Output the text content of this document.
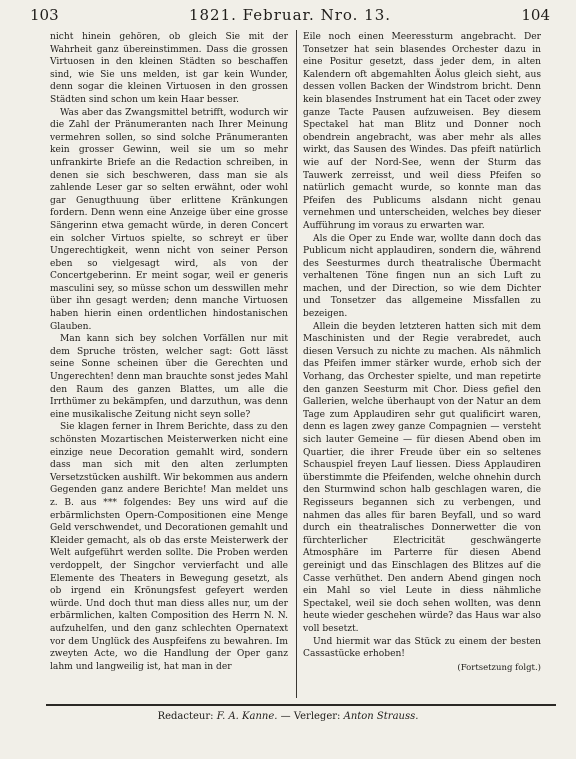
103	1821. Februar. Nro. 13.	104

nicht hinein gehören, ob gleich Sie mit der Wahrheit ganz übereinstimmen. Dass die grossen Virtuosen in den kleinen Städten so beschaffen sind, wie Sie uns melden, ist gar kein Wunder, denn sogar die kleinen Virtuosen in den grossen Städten sind schon um kein Haar besser.

Was aber das Zwangsmittel betrifft, wodurch wir die Zahl der Pränumeranten nach Ihrer Meinung vermehren sollen, so sind solche Pränumeranten kein grosser Gewinn, weil sie um so mehr unfrankirte Briefe an die Redaction schreiben, in denen sie sich beschweren, dass man sie als zahlende Leser gar so selten erwähnt, oder wohl gar Genugthuung über erlittene Kränkungen fordern. Denn wenn eine Anzeige über eine grosse Sängerinn etwa gemacht würde, in deren Concert ein solcher Virtuos spielte, so schreyt er über Ungerechtigkeit, wenn nicht von seiner Person eben so vielgesagt wird, als von der Concertgeberinn. Er meint sogar, weil er generis masculini sey, so müsse schon um desswillen mehr über ihn gesagt werden; denn manche Virtuosen haben hierin einen ordentlichen hindostanischen Glauben.

Man kann sich bey solchen Vorfällen nur mit dem Spruche trösten, welcher sagt: Gott lässt seine Sonne scheinen über die Gerechten und Ungerechten! denn man brauchte sonst jedes Mahl den Raum des ganzen Blattes, um alle die Irrthümer zu bekämpfen, und darzuthun, was denn eine musikalische Zeitung nicht seyn solle?

Sie klagen ferner in Ihrem Berichte, dass zu den schönsten Mozartischen Meisterwerken nicht eine einzige neue Decoration gemahlt wird, sondern dass man sich mit den alten zerlumpten Versetzstücken aushilft. Wir bekommen aus andern Gegenden ganz andere Berichte! Man meldet uns z. B. aus *** folgendes: Bey uns wird auf die erbärmlichsten Opern-Compositionen eine Menge Geld verschwendet, und Decorationen gemahlt und Kleider gemacht, als ob das erste Meisterwerk der Welt aufgeführt werden sollte. Die Proben werden verdoppelt, der Singchor vervierfacht und alle Elemente des Theaters in Bewegung gesetzt, als ob irgend ein Krönungsfest gefeyert werden würde. Und doch thut man diess alles nur, um der erbärmlichen, kalten Composition des Herrn N. N. aufzuhelfen, und den ganz schlechten Opernatext vor dem Unglück des Auspfeifens zu bewahren. Im zweyten Acte, wo die Handlung der Oper ganz lahm und langweilig ist, hat man in der

Eile noch einen Meeressturm angebracht. Der Tonsetzer hat sein blasendes Orchester dazu in eine Positur gesetzt, dass jeder dem, in alten Kalendern oft abgemahlten Äolus gleich sieht, aus dessen vollen Backen der Windstrom bricht. Denn kein blasendes Instrument hat ein Tacet oder zwey ganze Tacte Pausen aufzuweisen. Bey diesem Spectakel hat man Blitz und Donner noch obendrein angebracht, was aber mehr als alles wirkt, das Sausen des Windes. Das pfeift natürlich wie auf der Nord-See, wenn der Sturm das Tauwerk zerreisst, und weil diess Pfeifen so natürlich gemacht wurde, so konnte man das Pfeifen des Publicums alsdann nicht genau vernehmen und unterscheiden, welches bey dieser Aufführung im voraus zu erwarten war.

Als die Oper zu Ende war, wollte dann doch das Publicum nicht applaudiren, sondern die, während des Seesturmes durch theatralische Übermacht verhaltenen Töne fingen nun an sich Luft zu machen, und der Direction, so wie dem Dichter und Tonsetzer das allgemeine Missfallen zu bezeigen.

Allein die beyden letzteren hatten sich mit dem Maschinisten und der Regie verabredet, auch diesen Versuch zu nichte zu machen. Als nähmlich das Pfeifen immer stärker wurde, erhob sich der Vorhang, das Orchester spielte, und man repetirte den ganzen Seesturm mit Chor. Diess gefiel den Gallerien, welche überhaupt von der Natur an dem Tage zum Applaudiren sehr gut qualificirt waren, denn es lagen zwey ganze Compagnien — versteht sich lauter Gemeine — für diesen Abend oben im Quartier, die ihrer Freude über ein so seltenes Schauspiel freyen Lauf liessen. Diess Applaudiren überstimmte die Pfeifenden, welche ohnehin durch den Sturmwind schon halb geschlagen waren, die Regisseurs begannen sich zu verbengen, und nahmen das alles für baren Beyfall, und so ward durch ein theatralisches Donnerwetter die von fürchterlicher Electricität geschwängerte Atmosphäre im Parterre für diesen Abend gereinigt und das Einschlagen des Blitzes auf die Casse verhüthet. Den andern Abend gingen noch ein Mahl so viel Leute in diess nähmliche Spectakel, weil sie doch sehen wollten, was denn heute wieder geschehen würde? das Haus war also voll besetzt.

Und hiermit war das Stück zu einem der besten Cassastücke erhoben!

(Fortsetzung folgt.)
Redacteur: F. A. Kanne. — Verleger: Anton Strauss.
